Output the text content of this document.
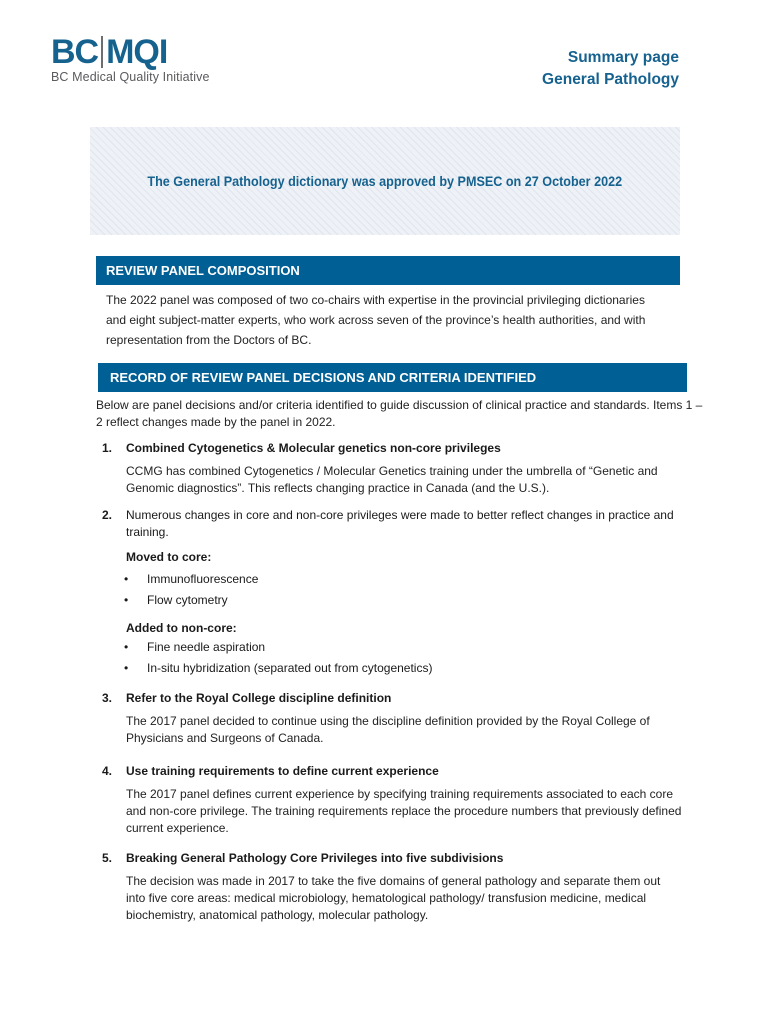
BC MQI
BC Medical Quality Initiative
Summary page
General Pathology
The General Pathology dictionary was approved by PMSEC on 27 October 2022
REVIEW PANEL COMPOSITION
The 2022 panel was composed of two co-chairs with expertise in the provincial privileging dictionaries and eight subject-matter experts, who work across seven of the province’s health authorities, and with representation from the Doctors of BC.
RECORD OF REVIEW PANEL DECISIONS AND CRITERIA IDENTIFIED
Below are panel decisions and/or criteria identified to guide discussion of clinical practice and standards. Items 1 – 2 reflect changes made by the panel in 2022.
1. Combined Cytogenetics & Molecular genetics non-core privileges
CCMG has combined Cytogenetics / Molecular Genetics training under the umbrella of “Genetic and Genomic diagnostics”. This reflects changing practice in Canada (and the U.S.).
2. Numerous changes in core and non-core privileges were made to better reflect changes in practice and training.
Moved to core:
• Immunofluorescence
• Flow cytometry
Added to non-core:
• Fine needle aspiration
• In-situ hybridization (separated out from cytogenetics)
3. Refer to the Royal College discipline definition
The 2017 panel decided to continue using the discipline definition provided by the Royal College of Physicians and Surgeons of Canada.
4. Use training requirements to define current experience
The 2017 panel defines current experience by specifying training requirements associated to each core and non-core privilege. The training requirements replace the procedure numbers that previously defined current experience.
5. Breaking General Pathology Core Privileges into five subdivisions
The decision was made in 2017 to take the five domains of general pathology and separate them out into five core areas: medical microbiology, hematological pathology/ transfusion medicine, medical biochemistry, anatomical pathology, molecular pathology.
